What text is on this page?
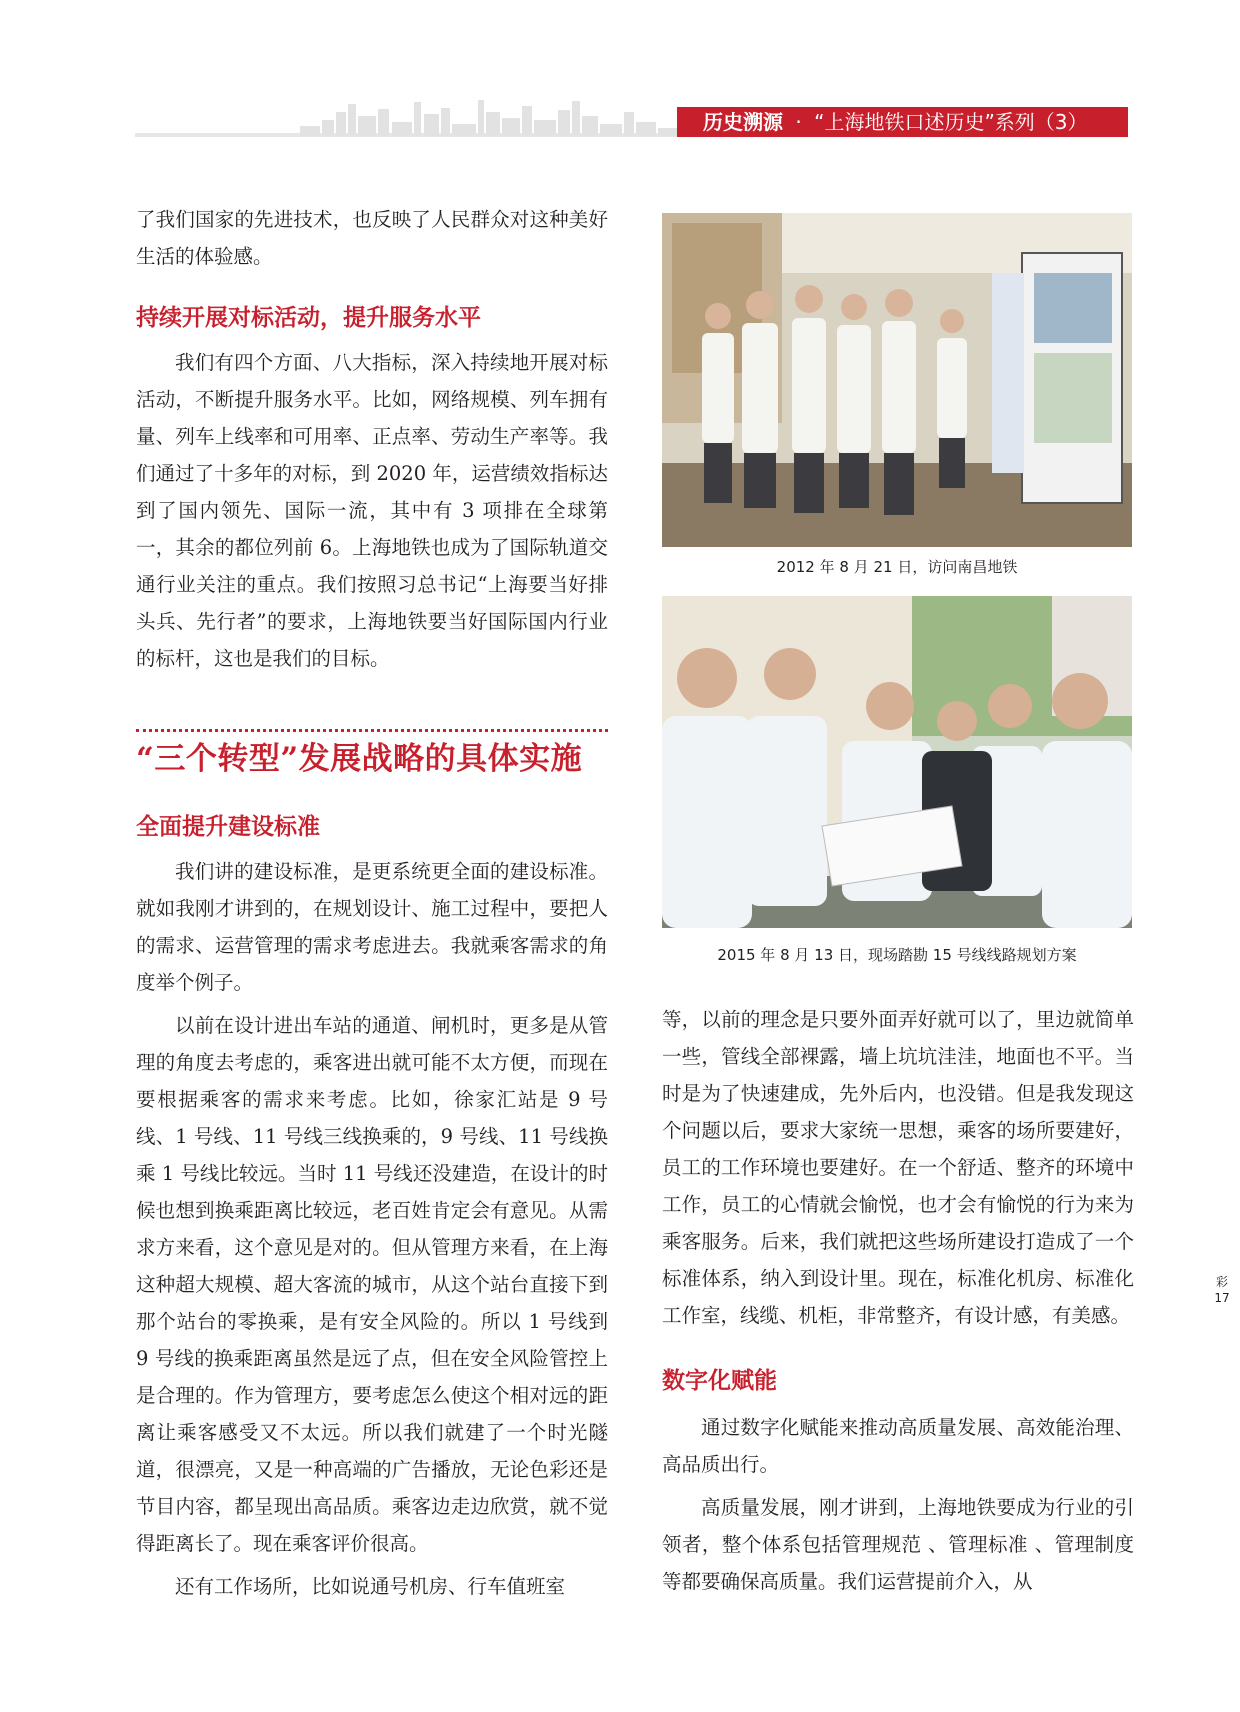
历史溯源 · “上海地铁口述历史”系列（3）

了我们国家的先进技术，也反映了人民群众对这种美好生活的体验感。

持续开展对标活动，提升服务水平

我们有四个方面、八大指标，深入持续地开展对标活动，不断提升服务水平。比如，网络规模、列车拥有量、列车上线率和可用率、正点率、劳动生产率等。我们通过了十多年的对标，到 2020 年，运营绩效指标达到了国内领先、国际一流，其中有 3 项排在全球第一，其余的都位列前 6。上海地铁也成为了国际轨道交通行业关注的重点。我们按照习总书记“上海要当好排头兵、先行者”的要求，上海地铁要当好国际国内行业的标杆，这也是我们的目标。

“三个转型”发展战略的具体实施

全面提升建设标准

我们讲的建设标准，是更系统更全面的建设标准。就如我刚才讲到的，在规划设计、施工过程中，要把人的需求、运营管理的需求考虑进去。我就乘客需求的角度举个例子。

以前在设计进出车站的通道、闸机时，更多是从管理的角度去考虑的，乘客进出就可能不太方便，而现在要根据乘客的需求来考虑。比如，徐家汇站是 9 号线、1 号线、11 号线三线换乘的，9 号线、11 号线换乘 1 号线比较远。当时 11 号线还没建造，在设计的时候也想到换乘距离比较远，老百姓肯定会有意见。从需求方来看，这个意见是对的。但从管理方来看，在上海这种超大规模、超大客流的城市，从这个站台直接下到那个站台的零换乘，是有安全风险的。所以 1 号线到 9 号线的换乘距离虽然是远了点，但在安全风险管控上是合理的。作为管理方，要考虑怎么使这个相对远的距离让乘客感受又不太远。所以我们就建了一个时光隧道，很漂亮，又是一种高端的广告播放，无论色彩还是节目内容，都呈现出高品质。乘客边走边欣赏，就不觉得距离长了。现在乘客评价很高。

还有工作场所，比如说通号机房、行车值班室

2012 年 8 月 21 日，访问南昌地铁
2015 年 8 月 13 日，现场踏勘 15 号线线路规划方案

等，以前的理念是只要外面弄好就可以了，里边就简单一些，管线全部裸露，墙上坑坑洼洼，地面也不平。当时是为了快速建成，先外后内，也没错。但是我发现这个问题以后，要求大家统一思想，乘客的场所要建好，员工的工作环境也要建好。在一个舒适、整齐的环境中工作，员工的心情就会愉悦，也才会有愉悦的行为来为乘客服务。后来，我们就把这些场所建设打造成了一个标准体系，纳入到设计里。现在，标准化机房、标准化工作室，线缆、机柜，非常整齐，有设计感，有美感。

数字化赋能

通过数字化赋能来推动高质量发展、高效能治理、高品质出行。

高质量发展，刚才讲到，上海地铁要成为行业的引领者，整个体系包括管理规范 、管理标准 、管理制度等都要确保高质量。我们运营提前介入，从

彩
17
